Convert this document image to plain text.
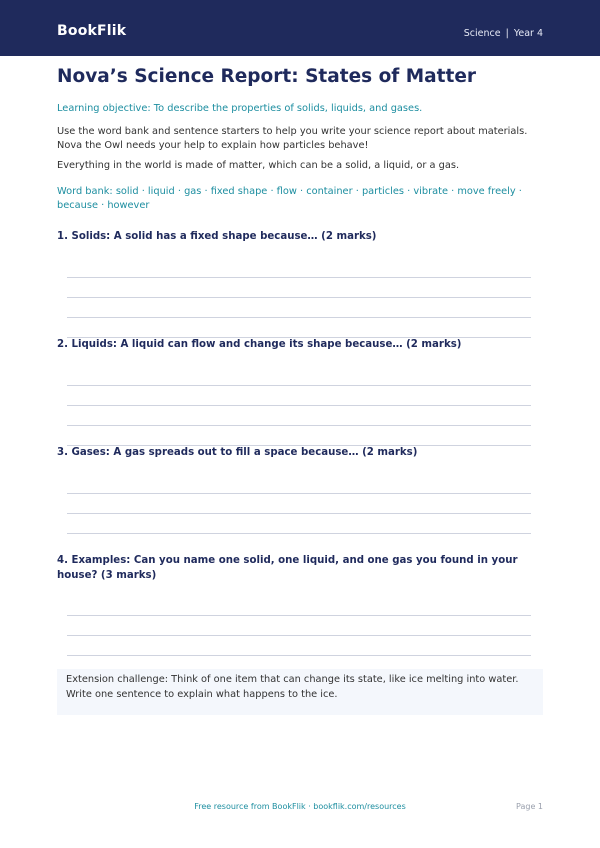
BookFlik	Science | Year 4
Nova’s Science Report: States of Matter

Learning objective: To describe the properties of solids, liquids, and gases.

Use the word bank and sentence starters to help you write your science report about materials. Nova the Owl needs your help to explain how particles behave!

Everything in the world is made of matter, which can be a solid, a liquid, or a gas.

Word bank: solid · liquid · gas · fixed shape · flow · container · particles · vibrate · move freely · because · however

1. Solids: A solid has a fixed shape because… (2 marks)
2. Liquids: A liquid can flow and change its shape because… (2 marks)
3. Gases: A gas spreads out to fill a space because… (2 marks)
4. Examples: Can you name one solid, one liquid, and one gas you found in your house? (3 marks)
Extension challenge: Think of one item that can change its state, like ice melting into water. Write one sentence to explain what happens to the ice.
Free resource from BookFlik · bookflik.com/resources	Page 1
